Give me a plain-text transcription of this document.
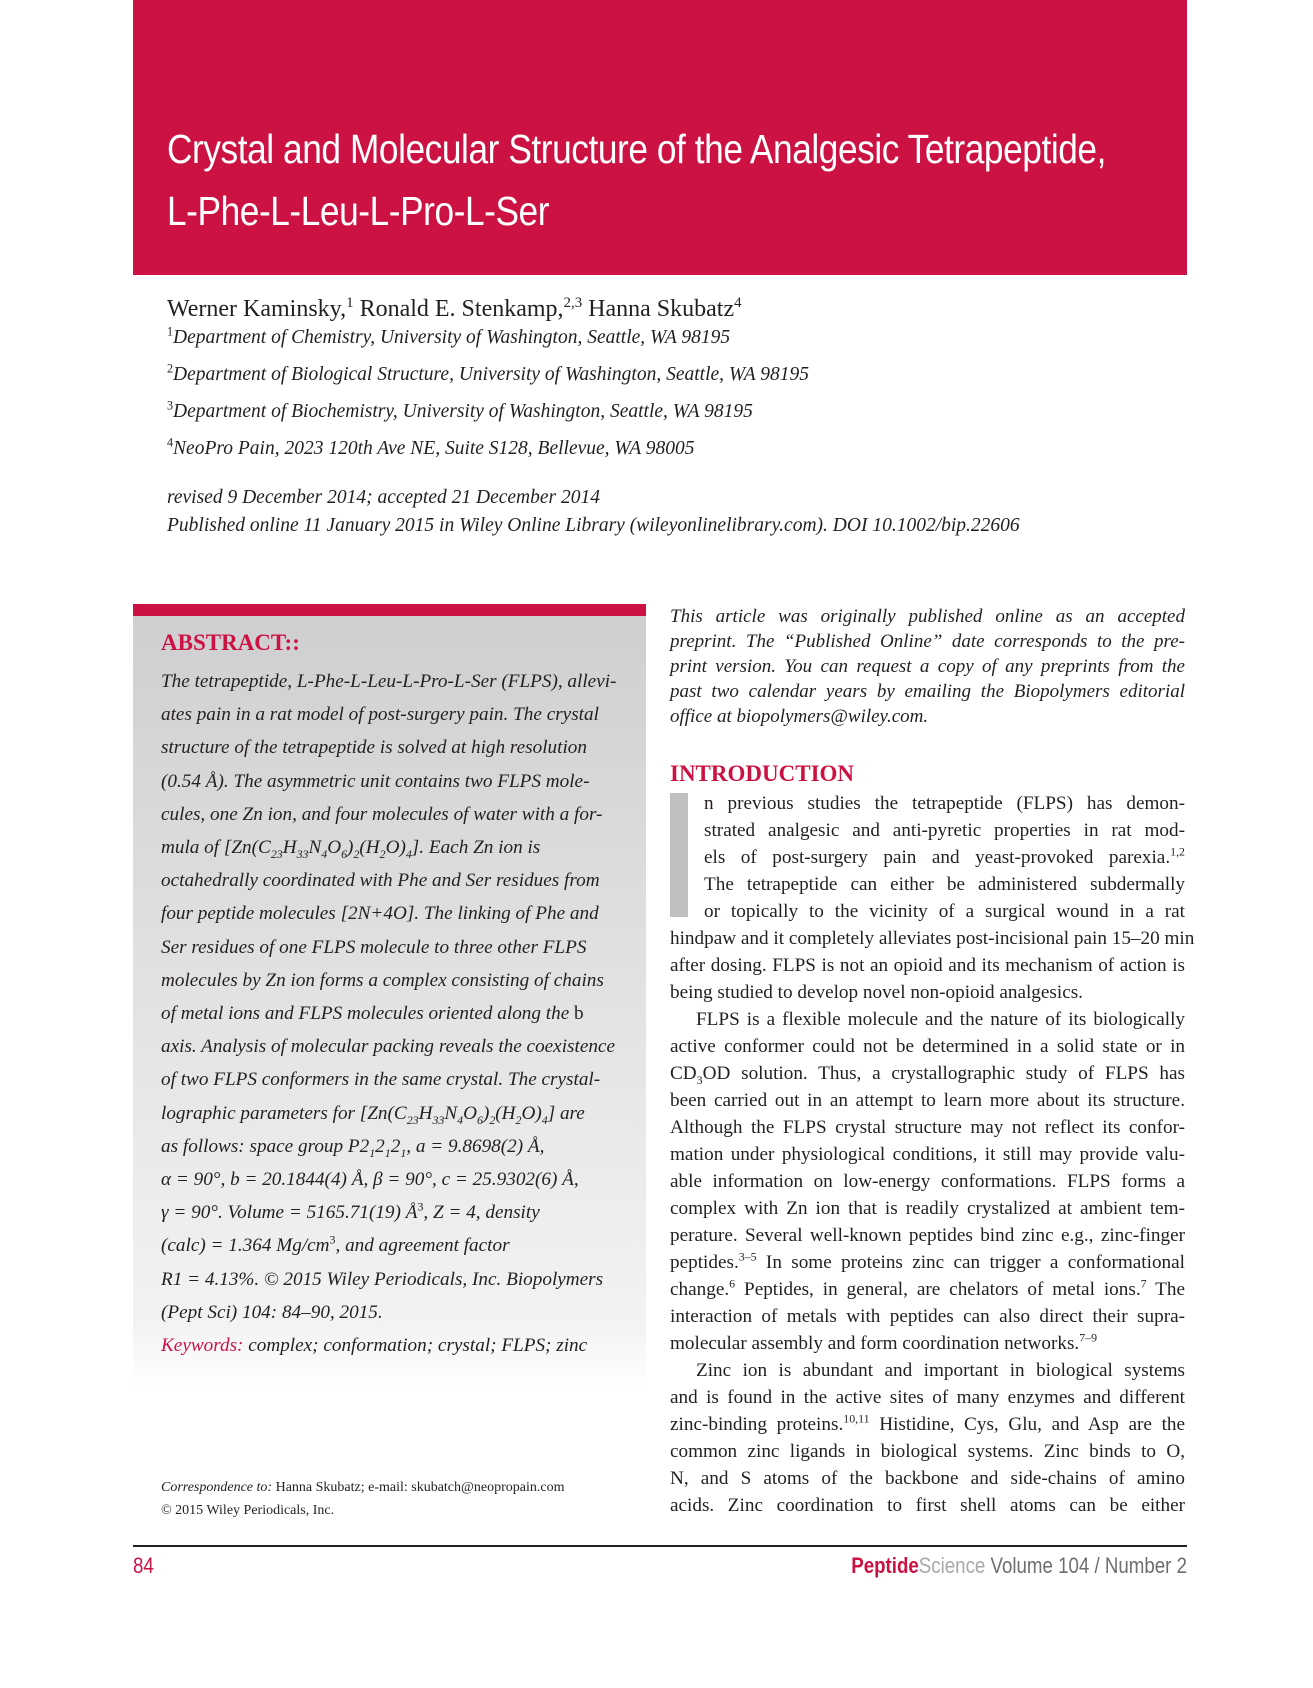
Crystal and Molecular Structure of the Analgesic Tetrapeptide,
L-Phe-L-Leu-L-Pro-L-Ser
Werner Kaminsky,$^1$ Ronald E. Stenkamp,$^{2,3}$ Hanna Skubatz$^4$
$^1$Department of Chemistry, University of Washington, Seattle, WA 98195
$^2$Department of Biological Structure, University of Washington, Seattle, WA 98195
$^3$Department of Biochemistry, University of Washington, Seattle, WA 98195
$^4$NeoPro Pain, 2023 120th Ave NE, Suite S128, Bellevue, WA 98005
revised 9 December 2014; accepted 21 December 2014
Published online 11 January 2015 in Wiley Online Library (wileyonlinelibrary.com). DOI 10.1002/bip.22606
ABSTRACT::
The tetrapeptide, L-Phe-L-Leu-L-Pro-L-Ser (FLPS), allevi-
ates pain in a rat model of post-surgery pain. The crystal
structure of the tetrapeptide is solved at high resolution
(0.54 Å). The asymmetric unit contains two FLPS mole-
cules, one Zn ion, and four molecules of water with a for-
mula of $[Zn(C_{23}H_{33}N_4O_6)_2(H_2O)_4]$. Each Zn ion is
octahedrally coordinated with Phe and Ser residues from
four peptide molecules [2N+4O]. The linking of Phe and
Ser residues of one FLPS molecule to three other FLPS
molecules by Zn ion forms a complex consisting of chains
of metal ions and FLPS molecules oriented along the b
axis. Analysis of molecular packing reveals the coexistence
of two FLPS conformers in the same crystal. The crystal-
lographic parameters for $[Zn(C_{23}H_{33}N_4O_6)_2(H_2O)_4]$ are
as follows: space group $P2_12_12_1$, a = 9.8698(2) Å,
α = 90°, b = 20.1844(4) Å, β = 90°, c = 25.9302(6) Å,
γ = 90°. Volume = 5165.71(19) $Å^3$, Z = 4, density
(calc) = 1.364 $Mg/cm^3$, and agreement factor
R1 = 4.13%. © 2015 Wiley Periodicals, Inc. Biopolymers
(Pept Sci) 104: 84–90, 2015.
Keywords: complex; conformation; crystal; FLPS; zinc
Correspondence to: Hanna Skubatz; e-mail: skubatch@neopropain.com
© 2015 Wiley Periodicals, Inc.

This article was originally published online as an accepted
preprint. The “Published Online” date corresponds to the pre-
print version. You can request a copy of any preprints from the
past two calendar years by emailing the Biopolymers editorial
office at biopolymers@wiley.com.

INTRODUCTION
n previous studies the tetrapeptide (FLPS) has demon-
strated analgesic and anti-pyretic properties in rat mod-
els of post-surgery pain and yeast-provoked parexia.$^{1,2}$
The tetrapeptide can either be administered subdermally
or topically to the vicinity of a surgical wound in a rat
hindpaw and it completely alleviates post-incisional pain 15–20 min
after dosing. FLPS is not an opioid and its mechanism of action is
being studied to develop novel non-opioid analgesics.
FLPS is a flexible molecule and the nature of its biologically
active conformer could not be determined in a solid state or in
$CD_3OD$ solution. Thus, a crystallographic study of FLPS has
been carried out in an attempt to learn more about its structure.
Although the FLPS crystal structure may not reflect its confor-
mation under physiological conditions, it still may provide valu-
able information on low-energy conformations. FLPS forms a
complex with Zn ion that is readily crystalized at ambient tem-
perature. Several well-known peptides bind zinc e.g., zinc-finger
peptides.$^{3-5}$ In some proteins zinc can trigger a conformational
change.$^6$ Peptides, in general, are chelators of metal ions.$^7$ The
interaction of metals with peptides can also direct their supra-
molecular assembly and form coordination networks.$^{7-9}$
Zinc ion is abundant and important in biological systems
and is found in the active sites of many enzymes and different
zinc-binding proteins.$^{10,11}$ Histidine, Cys, Glu, and Asp are the
common zinc ligands in biological systems. Zinc binds to O,
N, and S atoms of the backbone and side-chains of amino
acids. Zinc coordination to first shell atoms can be either
84	PeptideScience Volume 104 / Number 2
